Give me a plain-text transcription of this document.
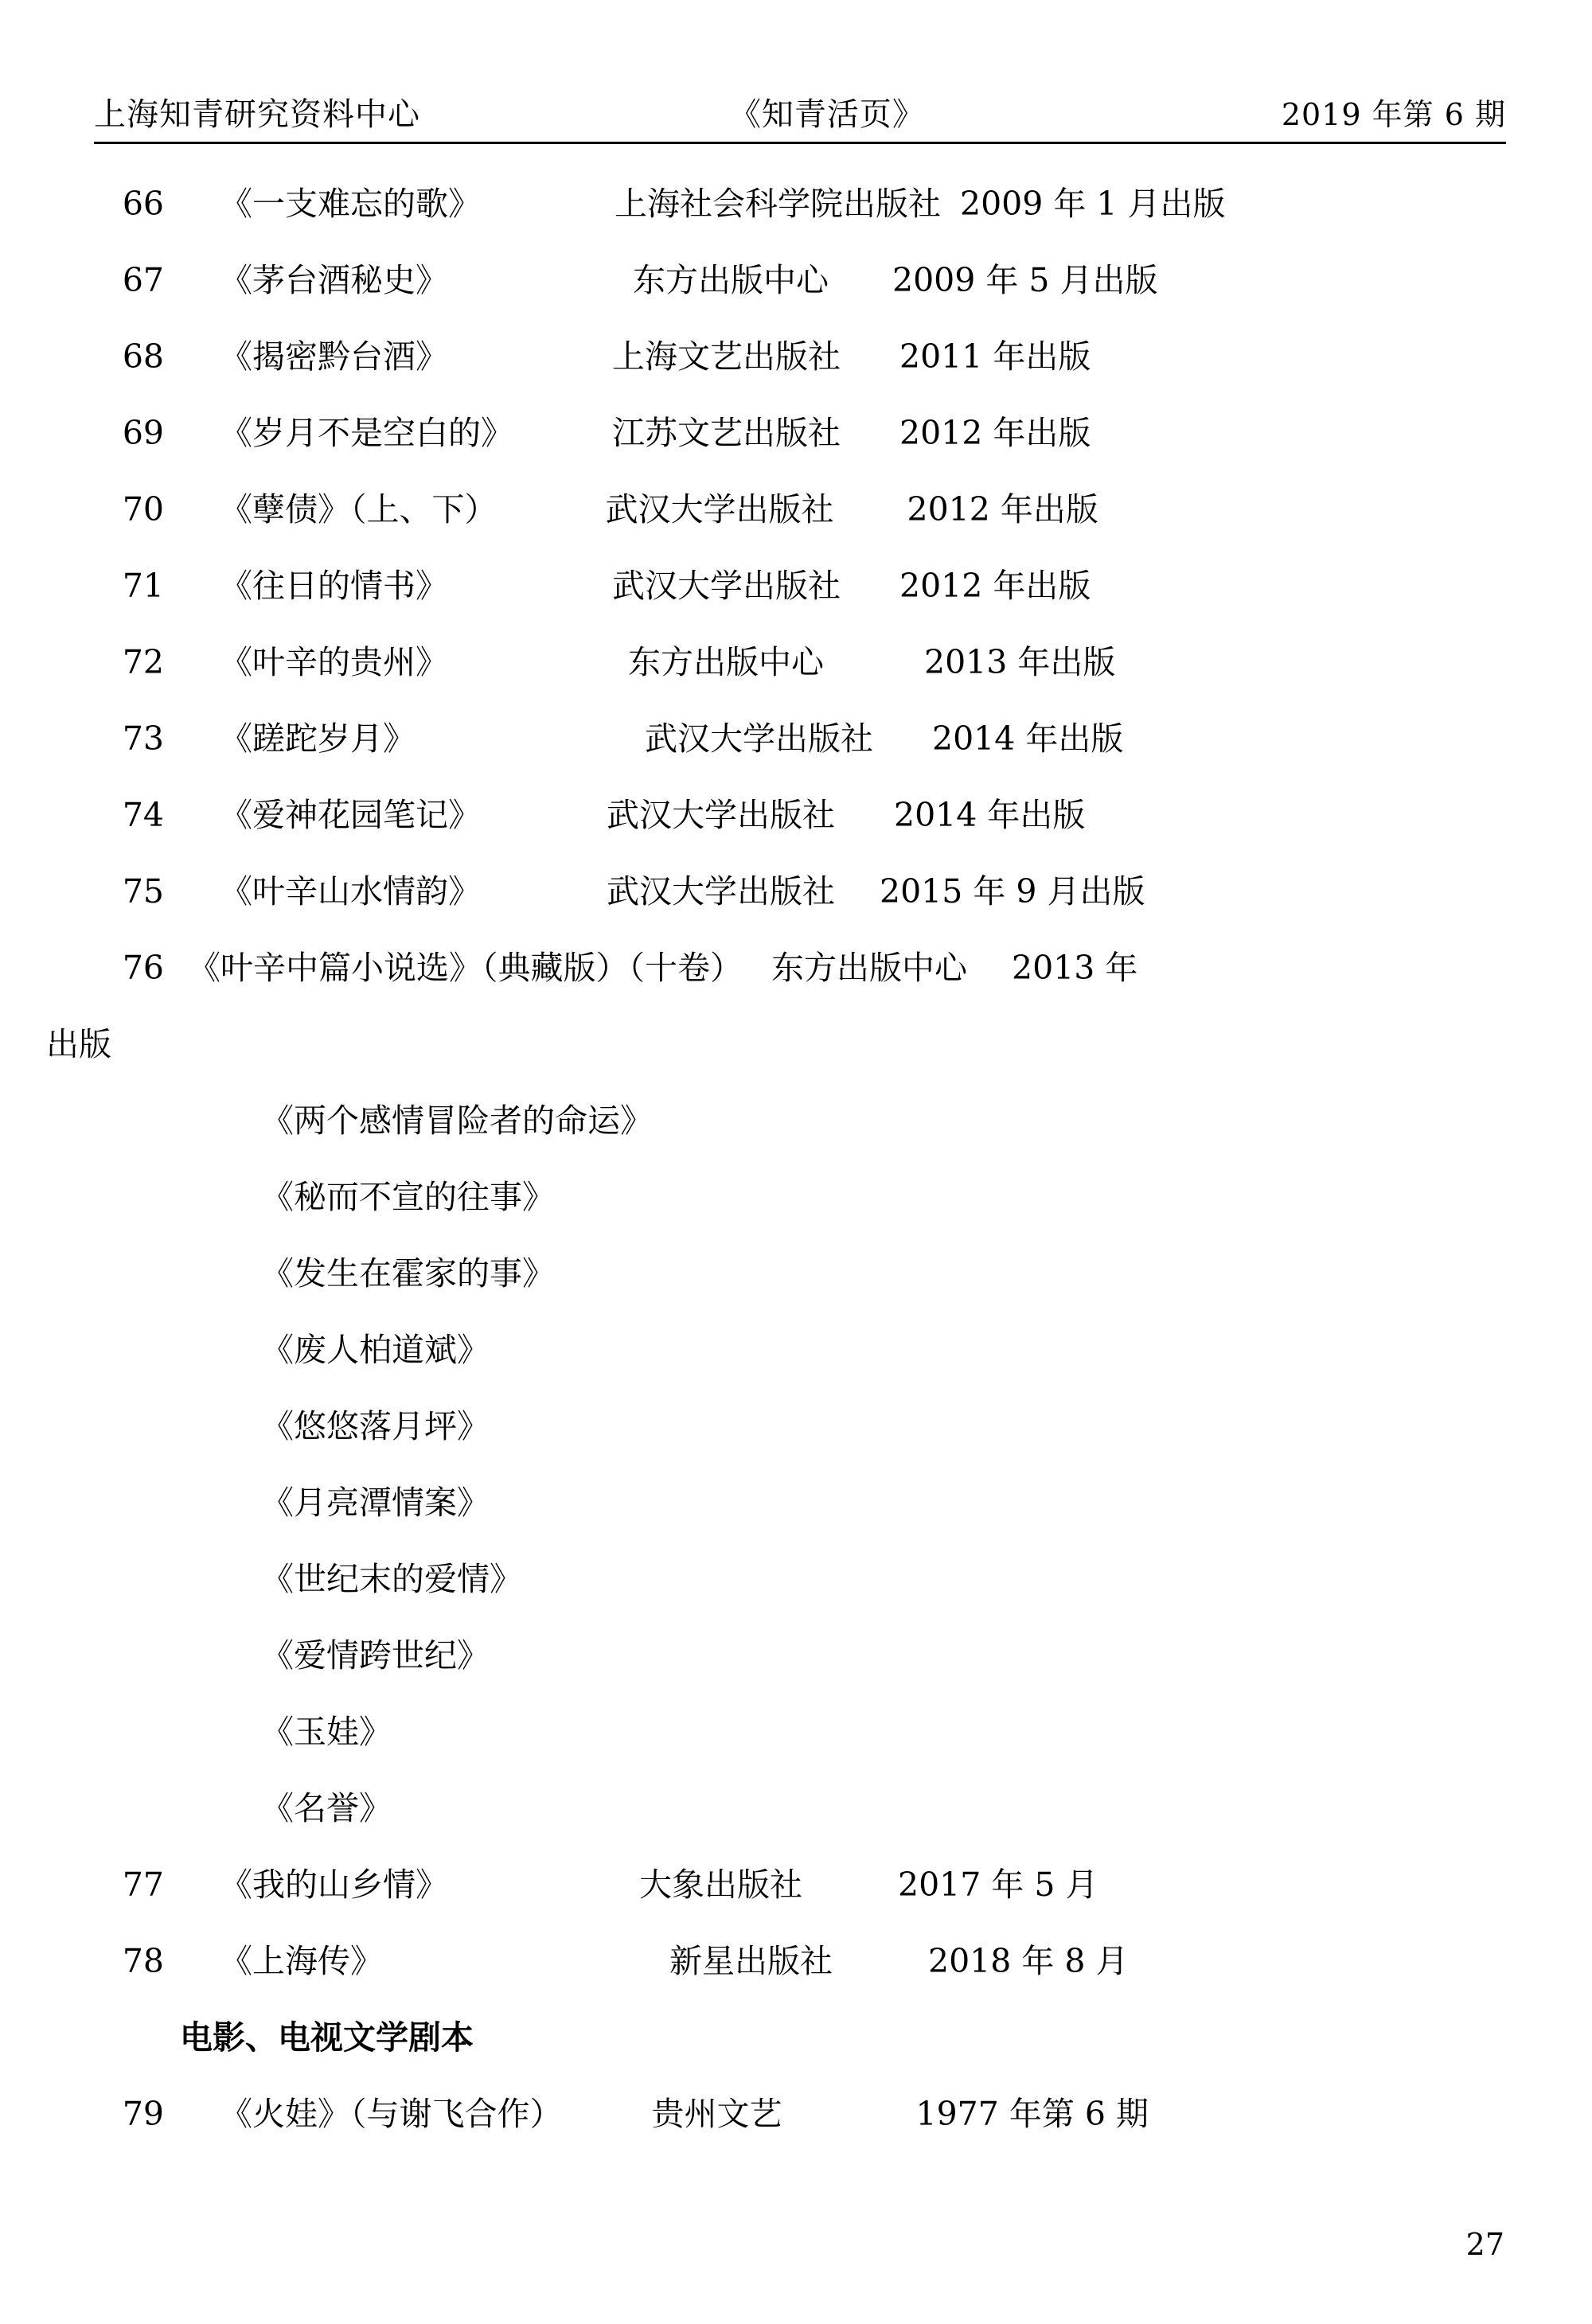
上海知青研究资料中心	《知青活页》	2019 年第 6 期
66 《一支难忘的歌》	上海社会科学院出版社 2009 年 1 月出版
67 《茅台酒秘史》	东方出版中心 2009 年 5 月出版
68 《揭密黔台酒》	上海文艺出版社 2011 年出版
69 《岁月不是空白的》	江苏文艺出版社 2012 年出版
70 《孽债》（上、下）	武汉大学出版社 2012 年出版
71 《往日的情书》	武汉大学出版社 2012 年出版
72 《叶辛的贵州》	东方出版中心	2013 年出版
73 《蹉跎岁月》	武汉大学出版社 2014 年出版
74 《爱神花园笔记》	武汉大学出版社 2014 年出版
75 《叶辛山水情韵》	武汉大学出版社 2015 年 9 月出版
76 《叶辛中篇小说选》（典藏版）（十卷） 东方出版中心 2013 年
出版
《两个感情冒险者的命运》
《秘而不宣的往事》
《发生在霍家的事》
《废人柏道斌》
《悠悠落月坪》
《月亮潭情案》
《世纪末的爱情》
《爱情跨世纪》
《玉娃》
《名誉》
77 《我的山乡情》	大象出版社	2017 年 5 月
78 《上海传》	新星出版社	2018 年 8 月
电影、电视文学剧本
79 《火娃》（与谢飞合作）	贵州文艺	1977 年第 6 期
27
